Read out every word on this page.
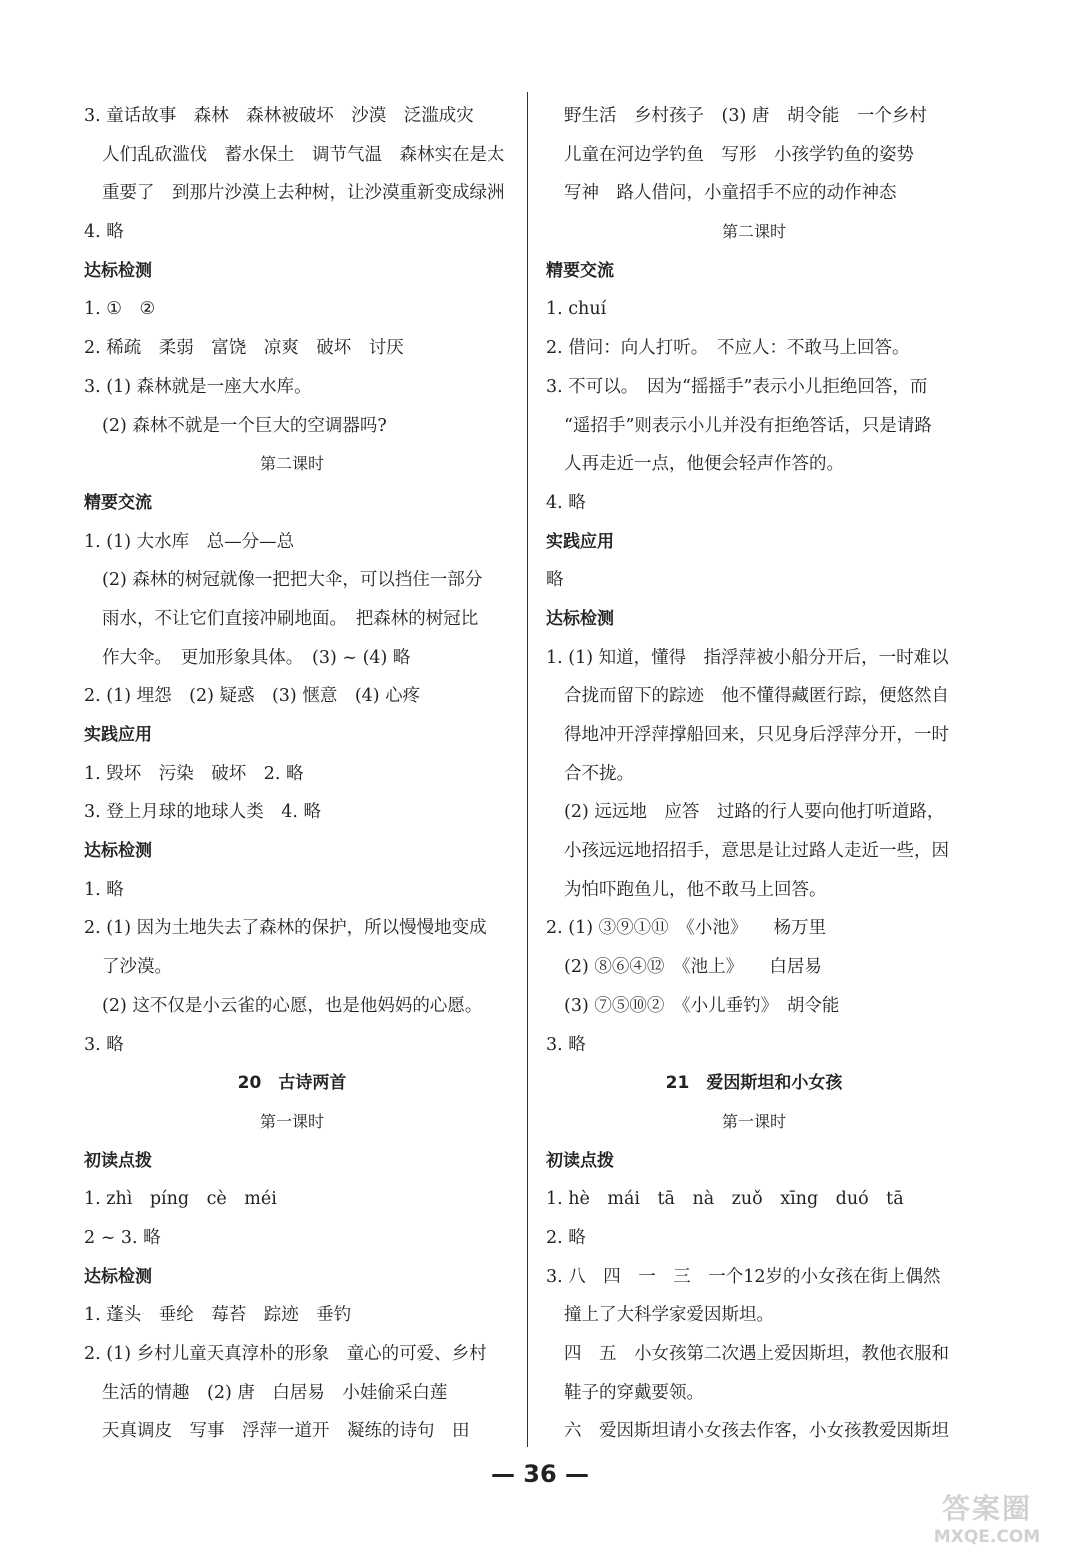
3. 童话故事　森林　森林被破坏　沙漠　泛滥成灾
人们乱砍滥伐　蓄水保土　调节气温　森林实在是太
重要了　到那片沙漠上去种树，让沙漠重新变成绿洲
4. 略
达标检测
1. ①　②
2. 稀疏　柔弱　富饶　凉爽　破坏　讨厌
3. (1) 森林就是一座大水库。
(2) 森林不就是一个巨大的空调器吗?
第二课时
精要交流
1. (1) 大水库　总—分—总
(2) 森林的树冠就像一把把大伞，可以挡住一部分
雨水，不让它们直接冲刷地面。　把森林的树冠比
作大伞。　更加形象具体。　(3) ~ (4) 略
2. (1) 埋怨　(2) 疑惑　(3) 惬意　(4) 心疼
实践应用
1. 毁坏　污染　破坏　2. 略
3. 登上月球的地球人类　4. 略
达标检测
1. 略
2. (1) 因为土地失去了森林的保护，所以慢慢地变成
了沙漠。
(2) 这不仅是小云雀的心愿，也是他妈妈的心愿。
3. 略
20　古诗两首
第一课时
初读点拨
1. zhì　píng　cè　méi
2 ~ 3. 略
达标检测
1. 蓬头　垂纶　莓苔　踪迹　垂钓
2. (1) 乡村儿童天真淳朴的形象　童心的可爱、乡村
生活的情趣　(2) 唐　白居易　小娃偷采白莲
天真调皮　写事　浮萍一道开　凝练的诗句　田
野生活　乡村孩子　(3) 唐　胡令能　一个乡村
儿童在河边学钓鱼　写形　小孩学钓鱼的姿势
写神　路人借问，小童招手不应的动作神态
第二课时
精要交流
1. chuí
2. 借问：向人打听。　不应人：不敢马上回答。
3. 不可以。　因为“摇摇手”表示小儿拒绝回答，而
“遥招手”则表示小儿并没有拒绝答话，只是请路
人再走近一点，他便会轻声作答的。
4. 略
实践应用
略
达标检测
1. (1) 知道，懂得　指浮萍被小船分开后，一时难以
合拢而留下的踪迹　他不懂得藏匿行踪，便悠然自
得地冲开浮萍撑船回来，只见身后浮萍分开，一时
合不拢。
(2) 远远地　应答　过路的行人要向他打听道路，
小孩远远地招招手，意思是让过路人走近一些，因
为怕吓跑鱼儿，他不敢马上回答。
2. (1) ③⑨①⑪　《小池》　　杨万里
(2) ⑧⑥④⑫　《池上》　　白居易
(3) ⑦⑤⑩②　《小儿垂钓》　胡令能
3. 略
21　爱因斯坦和小女孩
第一课时
初读点拨
1. hè　mái　tā　nà　zuǒ　xīng　duó　tā
2. 略
3. 八　四　一　三　一个12岁的小女孩在街上偶然
撞上了大科学家爱因斯坦。
四　五　小女孩第二次遇上爱因斯坦，教他衣服和
鞋子的穿戴要领。
六　爱因斯坦请小女孩去作客，小女孩教爱因斯坦
— 36 —
答案圈
MXQE.COM
